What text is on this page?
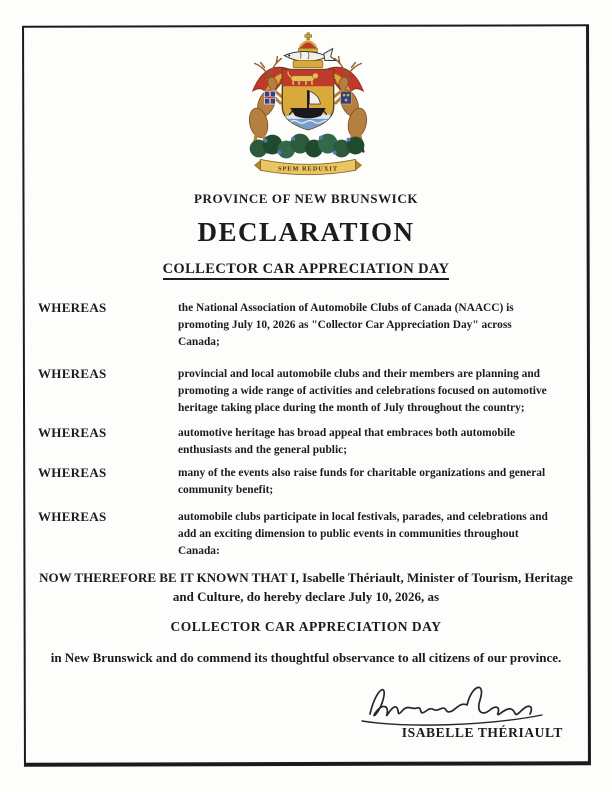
SPEM REDUXIT
PROVINCE OF NEW BRUNSWICK
DECLARATION
COLLECTOR CAR APPRECIATION DAY
WHEREAS	the National Association of Automobile Clubs of Canada (NAACC) is promoting July 10, 2026 as "Collector Car Appreciation Day" across Canada;
WHEREAS	provincial and local automobile clubs and their members are planning and promoting a wide range of activities and celebrations focused on automotive heritage taking place during the month of July throughout the country;
WHEREAS	automotive heritage has broad appeal that embraces both automobile enthusiasts and the general public;
WHEREAS	many of the events also raise funds for charitable organizations and general community benefit;
WHEREAS	automobile clubs participate in local festivals, parades, and celebrations and add an exciting dimension to public events in communities throughout Canada:
NOW THEREFORE BE IT KNOWN THAT I, Isabelle Thériault, Minister of Tourism, Heritage and Culture, do hereby declare July 10, 2026, as
COLLECTOR CAR APPRECIATION DAY
in New Brunswick and do commend its thoughtful observance to all citizens of our province.
ISABELLE THÉRIAULT
